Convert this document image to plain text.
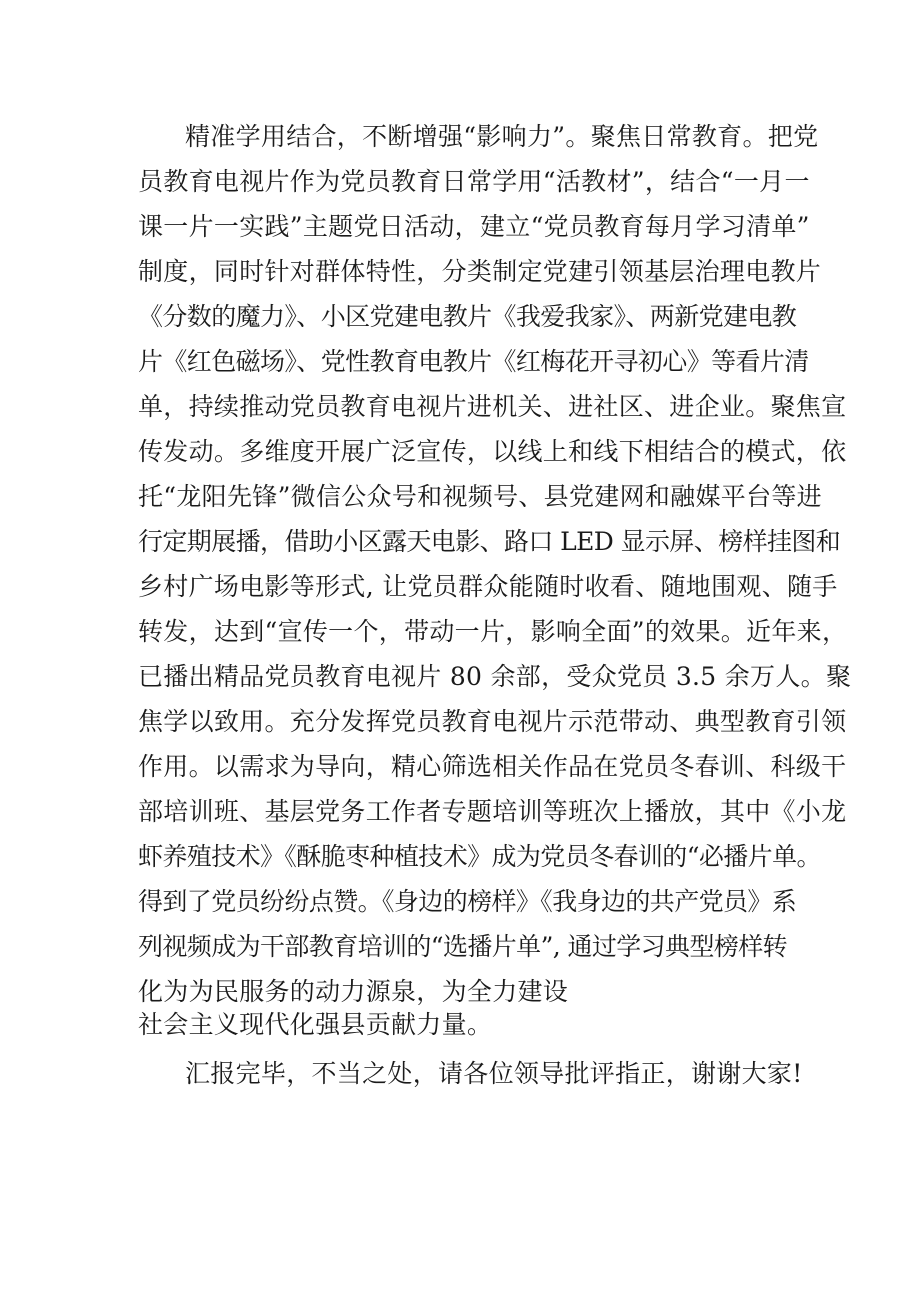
精准学用结合，不断增强“影响力”。聚焦日常教育。把党
员教育电视片作为党员教育日常学用“活教材”，结合“一月一
课一片一实践”主题党日活动，建立“党员教育每月学习清单”
制度，同时针对群体特性，分类制定党建引领基层治理电教片
《分数的魔力》、小区党建电教片《我爱我家》、两新党建电教
片《红色磁场》、党性教育电教片《红梅花开寻初心》等看片清
单，持续推动党员教育电视片进机关、进社区、进企业。聚焦宣
传发动。多维度开展广泛宣传，以线上和线下相结合的模式，依
托“龙阳先锋”微信公众号和视频号、县党建网和融媒平台等进
行定期展播，借助小区露天电影、路口 LED 显示屏、榜样挂图和
乡村广场电影等形式, 让党员群众能随时收看、随地围观、随手
转发，达到“宣传一个，带动一片，影响全面”的效果。近年来，
已播出精品党员教育电视片 80 余部，受众党员 3.5 余万人。聚
焦学以致用。充分发挥党员教育电视片示范带动、典型教育引领
作用。以需求为导向，精心筛选相关作品在党员冬春训、科级干
部培训班、基层党务工作者专题培训等班次上播放，其中《小龙
虾养殖技术》《酥脆枣种植技术》成为党员冬春训的“必播片单。
得到了党员纷纷点赞。《身边的榜样》《我身边的共产党员》系
列视频成为干部教育培训的“选播片单”, 通过学习典型榜样转
化为为民服务的动力源泉，为全力建设
社会主义现代化强县贡献力量。
汇报完毕，不当之处，请各位领导批评指正，谢谢大家!
